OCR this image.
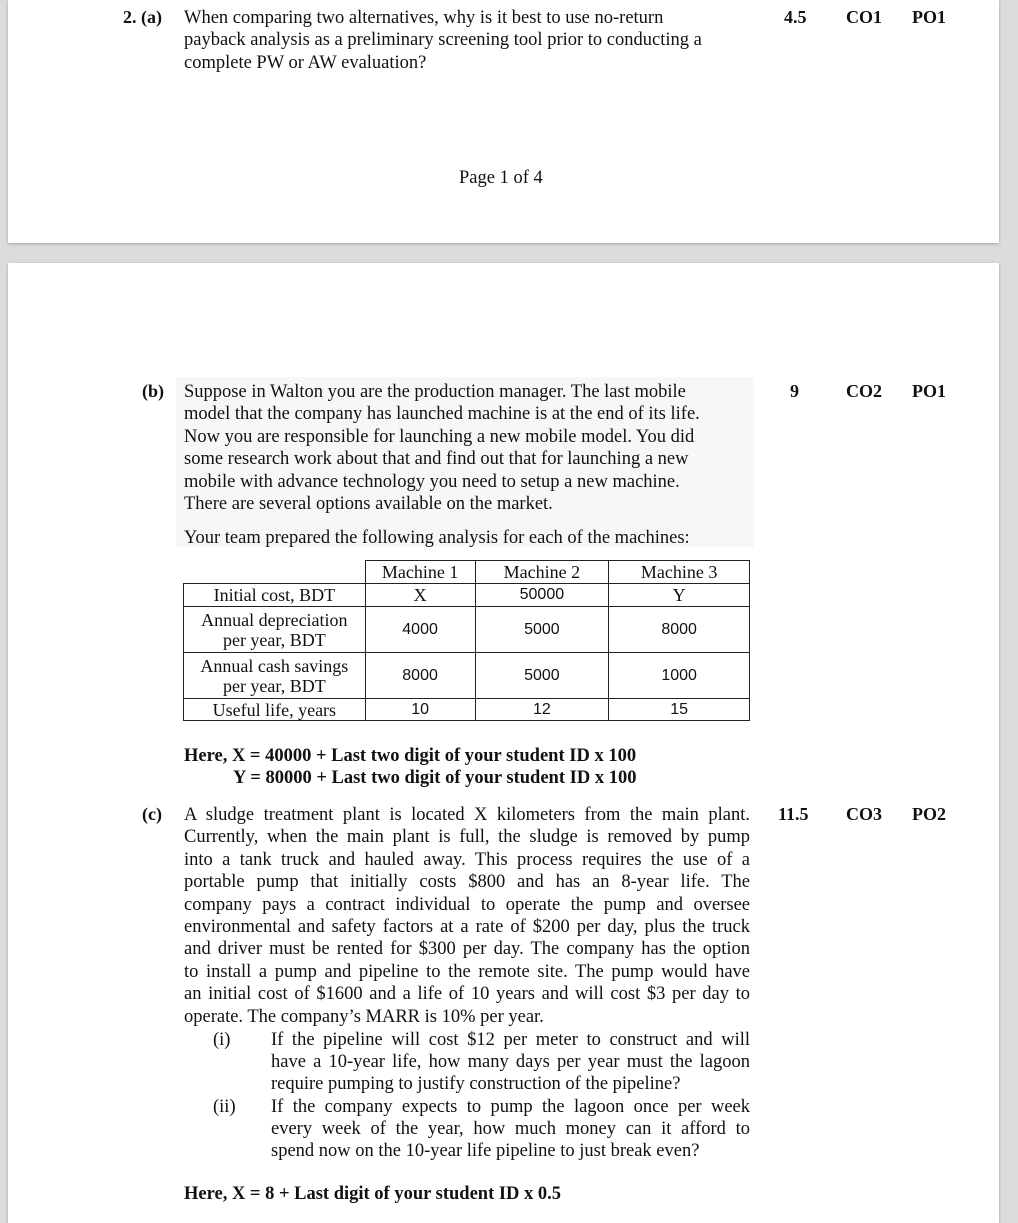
2. (a) When comparing two alternatives, why is it best to use no-return
payback analysis as a preliminary screening tool prior to conducting a
complete PW or AW evaluation?
4.5 CO1 PO1
Page 1 of 4
(b) Suppose in Walton you are the production manager. The last mobile
model that the company has launched machine is at the end of its life.
Now you are responsible for launching a new mobile model. You did
some research work about that and find out that for launching a new
mobile with advance technology you need to setup a new machine.
There are several options available on the market.
Your team prepared the following analysis for each of the machines:
9	CO2 PO1
	Machine 1	Machine 2	Machine 3
Initial cost, BDT	X	50000	Y
Annual depreciation
per year, BDT	4000	5000	8000
Annual cash savings
per year, BDT	8000	5000	1000
Useful life, years	10	12	15
Here, X = 40000 + Last two digit of your student ID x 100
Y = 80000 + Last two digit of your student ID x 100
(c) A sludge treatment plant is located X kilometers from the main plant.
Currently, when the main plant is full, the sludge is removed by pump
into a tank truck and hauled away. This process requires the use of a
portable pump that initially costs $800 and has an 8-year life. The
company pays a contract individual to operate the pump and oversee
environmental and safety factors at a rate of $200 per day, plus the truck
and driver must be rented for $300 per day. The company has the option
to install a pump and pipeline to the remote site. The pump would have
an initial cost of $1600 and a life of 10 years and will cost $3 per day to
operate. The company’s MARR is 10% per year.
11.5 CO3 PO2
(i) If the pipeline will cost $12 per meter to construct and will
have a 10-year life, how many days per year must the lagoon
require pumping to justify construction of the pipeline?
(ii) If the company expects to pump the lagoon once per week
every week of the year, how much money can it afford to
spend now on the 10-year life pipeline to just break even?
Here, X = 8 + Last digit of your student ID x 0.5
